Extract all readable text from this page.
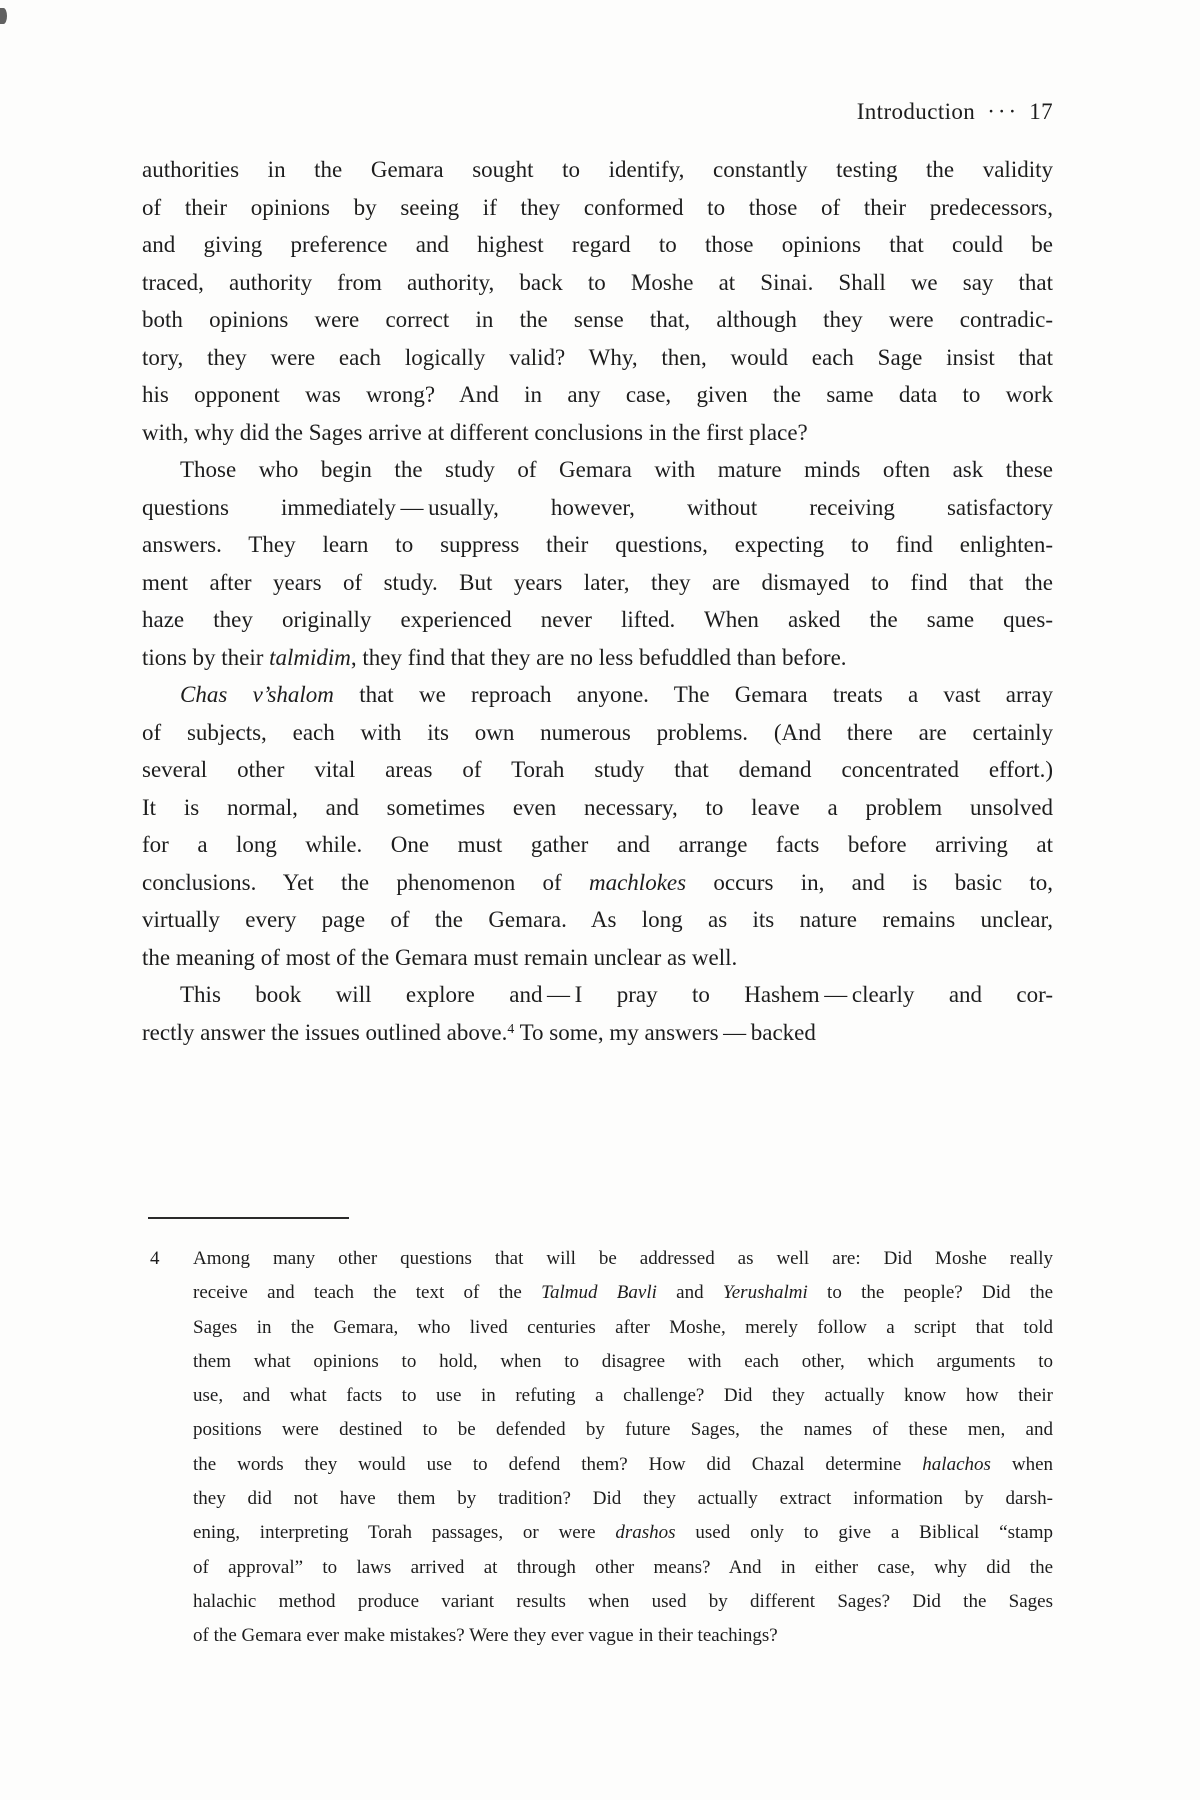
Introduction ··· 17
authorities in the Gemara sought to identify, constantly testing the validity
of their opinions by seeing if they conformed to those of their predecessors,
and giving preference and highest regard to those opinions that could be
traced, authority from authority, back to Moshe at Sinai. Shall we say that
both opinions were correct in the sense that, although they were contradic-
tory, they were each logically valid? Why, then, would each Sage insist that
his opponent was wrong? And in any case, given the same data to work
with, why did the Sages arrive at different conclusions in the first place?
Those who begin the study of Gemara with mature minds often ask these
questions immediately — usually, however, without receiving satisfactory
answers. They learn to suppress their questions, expecting to find enlighten-
ment after years of study. But years later, they are dismayed to find that the
haze they originally experienced never lifted. When asked the same ques-
tions by their talmidim, they find that they are no less befuddled than before.
Chas v’shalom that we reproach anyone. The Gemara treats a vast array
of subjects, each with its own numerous problems. (And there are certainly
several other vital areas of Torah study that demand concentrated effort.)
It is normal, and sometimes even necessary, to leave a problem unsolved
for a long while. One must gather and arrange facts before arriving at
conclusions. Yet the phenomenon of machlokes occurs in, and is basic to,
virtually every page of the Gemara. As long as its nature remains unclear,
the meaning of most of the Gemara must remain unclear as well.
This book will explore and — I pray to Hashem — clearly and cor-
rectly answer the issues outlined above.$^4$ To some, my answers — backed
4 Among many other questions that will be addressed as well are: Did Moshe really
receive and teach the text of the Talmud Bavli and Yerushalmi to the people? Did the
Sages in the Gemara, who lived centuries after Moshe, merely follow a script that told
them what opinions to hold, when to disagree with each other, which arguments to
use, and what facts to use in refuting a challenge? Did they actually know how their
positions were destined to be defended by future Sages, the names of these men, and
the words they would use to defend them? How did Chazal determine halachos when
they did not have them by tradition? Did they actually extract information by darsh-
ening, interpreting Torah passages, or were drashos used only to give a Biblical “stamp
of approval” to laws arrived at through other means? And in either case, why did the
halachic method produce variant results when used by different Sages? Did the Sages
of the Gemara ever make mistakes? Were they ever vague in their teachings?
